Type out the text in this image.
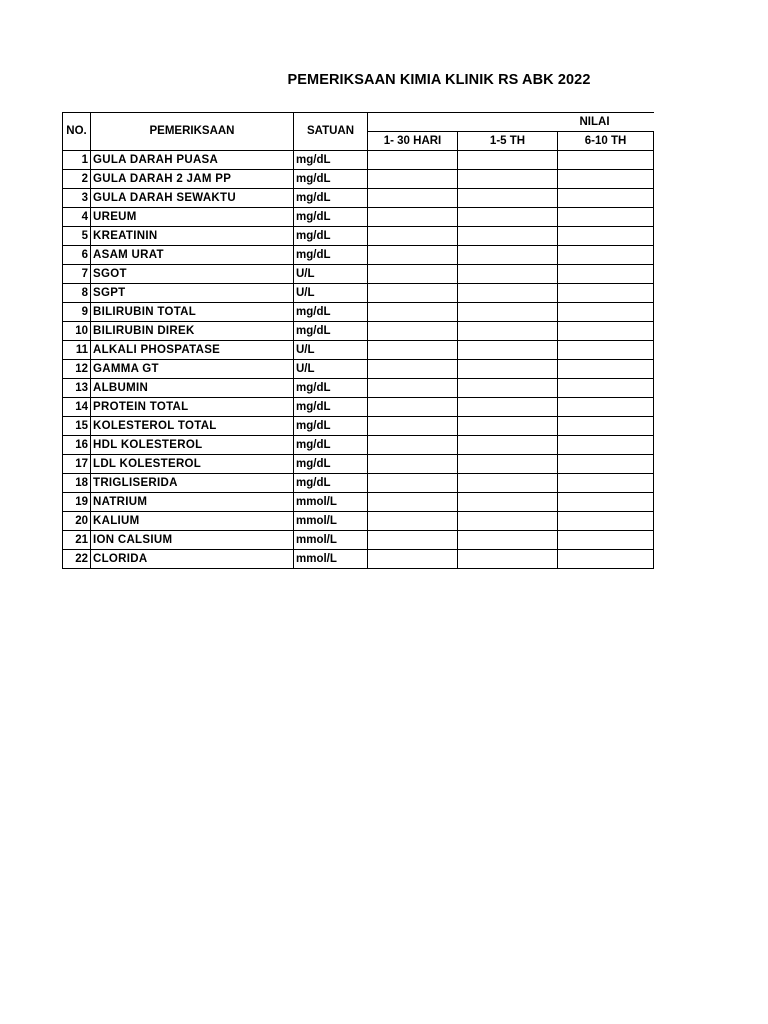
PEMERIKSAAN KIMIA KLINIK RS ABK 2022
NO.	PEMERIKSAAN	SATUAN	NILAI		
			1- 30 HARI	1-5 TH	6-10 TH
1	GULA DARAH PUASA	mg/dL			
2	GULA DARAH 2 JAM PP	mg/dL			
3	GULA DARAH SEWAKTU	mg/dL			
4	UREUM	mg/dL			
5	KREATININ	mg/dL			
6	ASAM URAT	mg/dL			
7	SGOT	U/L			
8	SGPT	U/L			
9	BILIRUBIN TOTAL	mg/dL			
10	BILIRUBIN DIREK	mg/dL			
11	ALKALI PHOSPATASE	U/L			
12	GAMMA GT	U/L			
13	ALBUMIN	mg/dL			
14	PROTEIN TOTAL	mg/dL			
15	KOLESTEROL TOTAL	mg/dL			
16	HDL KOLESTEROL	mg/dL			
17	LDL KOLESTEROL	mg/dL			
18	TRIGLISERIDA	mg/dL			
19	NATRIUM	mmol/L			
20	KALIUM	mmol/L			
21	ION CALSIUM	mmol/L			
22	CLORIDA	mmol/L			
